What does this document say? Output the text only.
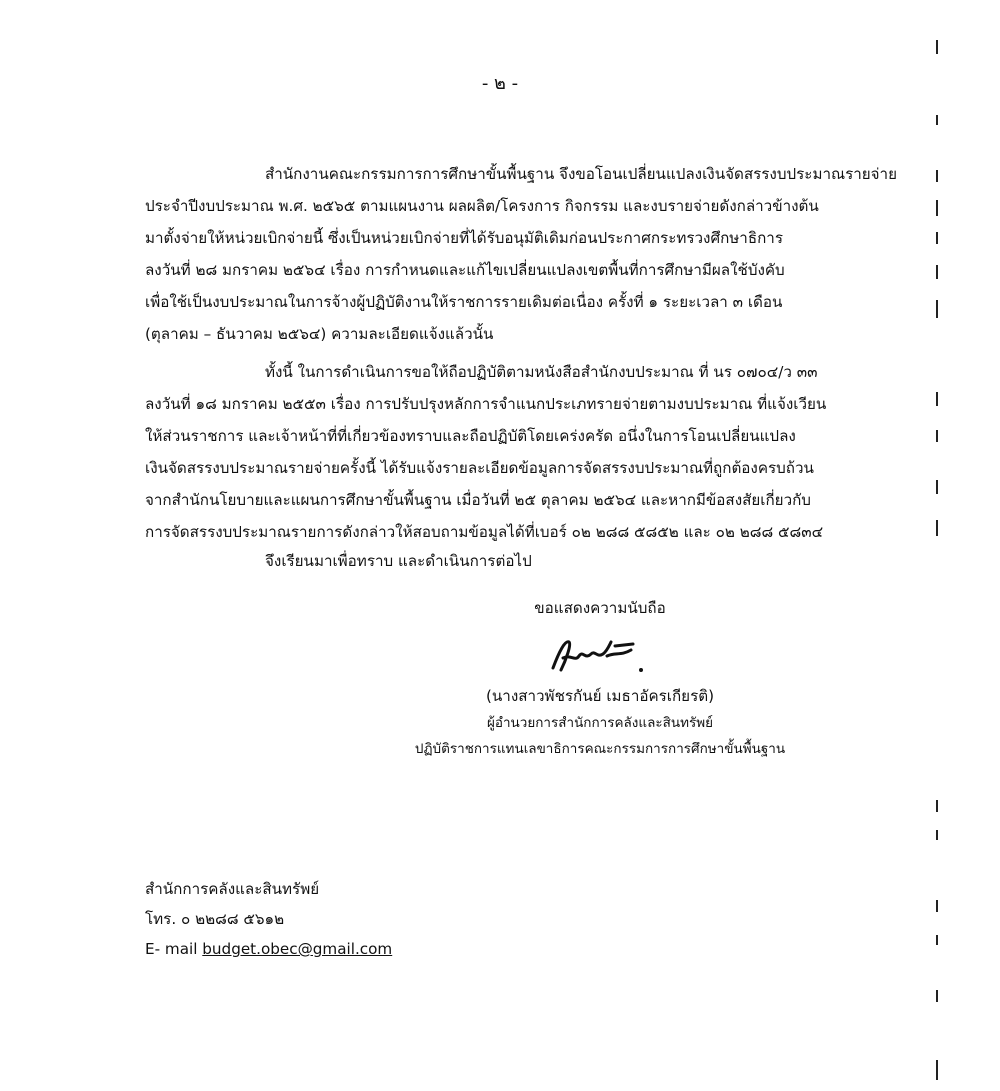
- ๒ -
สำนักงานคณะกรรมการการศึกษาขั้นพื้นฐาน จึงขอโอนเปลี่ยนแปลงเงินจัดสรรงบประมาณรายจ่าย
ประจำปีงบประมาณ พ.ศ. ๒๕๖๕ ตามแผนงาน ผลผลิต/โครงการ กิจกรรม และงบรายจ่ายดังกล่าวข้างต้น
มาตั้งจ่ายให้หน่วยเบิกจ่ายนี้ ซึ่งเป็นหน่วยเบิกจ่ายที่ได้รับอนุมัติเดิมก่อนประกาศกระทรวงศึกษาธิการ
ลงวันที่ ๒๘ มกราคม ๒๕๖๔ เรื่อง การกำหนดและแก้ไขเปลี่ยนแปลงเขตพื้นที่การศึกษามีผลใช้บังคับ
เพื่อใช้เป็นงบประมาณในการจ้างผู้ปฏิบัติงานให้ราชการรายเดิมต่อเนื่อง ครั้งที่ ๑ ระยะเวลา ๓ เดือน
(ตุลาคม – ธันวาคม ๒๕๖๔) ความละเอียดแจ้งแล้วนั้น
ทั้งนี้ ในการดำเนินการขอให้ถือปฏิบัติตามหนังสือสำนักงบประมาณ ที่ นร ๐๗๐๔/ว ๓๓
ลงวันที่ ๑๘ มกราคม ๒๕๕๓ เรื่อง การปรับปรุงหลักการจำแนกประเภทรายจ่ายตามงบประมาณ ที่แจ้งเวียน
ให้ส่วนราชการ และเจ้าหน้าที่ที่เกี่ยวข้องทราบและถือปฏิบัติโดยเคร่งครัด อนึ่งในการโอนเปลี่ยนแปลง
เงินจัดสรรงบประมาณรายจ่ายครั้งนี้ ได้รับแจ้งรายละเอียดข้อมูลการจัดสรรงบประมาณที่ถูกต้องครบถ้วน
จากสำนักนโยบายและแผนการศึกษาขั้นพื้นฐาน เมื่อวันที่ ๒๕ ตุลาคม ๒๕๖๔ และหากมีข้อสงสัยเกี่ยวกับ
การจัดสรรงบประมาณรายการดังกล่าวให้สอบถามข้อมูลได้ที่เบอร์ ๐๒ ๒๘๘ ๕๘๕๒ และ ๐๒ ๒๘๘ ๕๘๓๔
จึงเรียนมาเพื่อทราบ และดำเนินการต่อไป
ขอแสดงความนับถือ
(นางสาวพัชรกันย์ เมธาอัครเกียรติ)
ผู้อำนวยการสำนักการคลังและสินทรัพย์
ปฏิบัติราชการแทนเลขาธิการคณะกรรมการการศึกษาขั้นพื้นฐาน
สำนักการคลังและสินทรัพย์
โทร. ๐ ๒๒๘๘ ๕๖๑๒
E- mail budget.obec@gmail.com
